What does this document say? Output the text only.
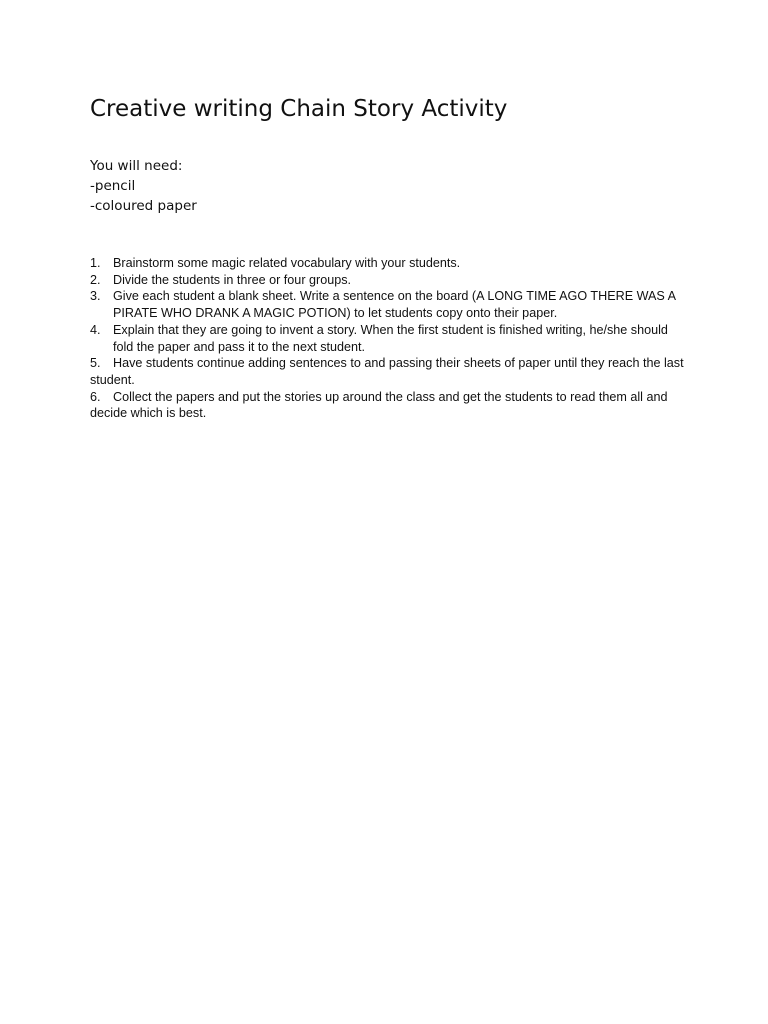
Creative writing Chain Story Activity
You will need:
-pencil
-coloured paper
1. Brainstorm some magic related vocabulary with your students.
2. Divide the students in three or four groups.
3. Give each student a blank sheet. Write a sentence on the board (A LONG TIME AGO THERE WAS A PIRATE WHO DRANK A MAGIC POTION) to let students copy onto their paper.
4. Explain that they are going to invent a story. When the first student is finished writing, he/she should fold the paper and pass it to the next student.
5. Have students continue adding sentences to and passing their sheets of paper until they reach the last student.
6. Collect the papers and put the stories up around the class and get the students to read them all and decide which is best.
